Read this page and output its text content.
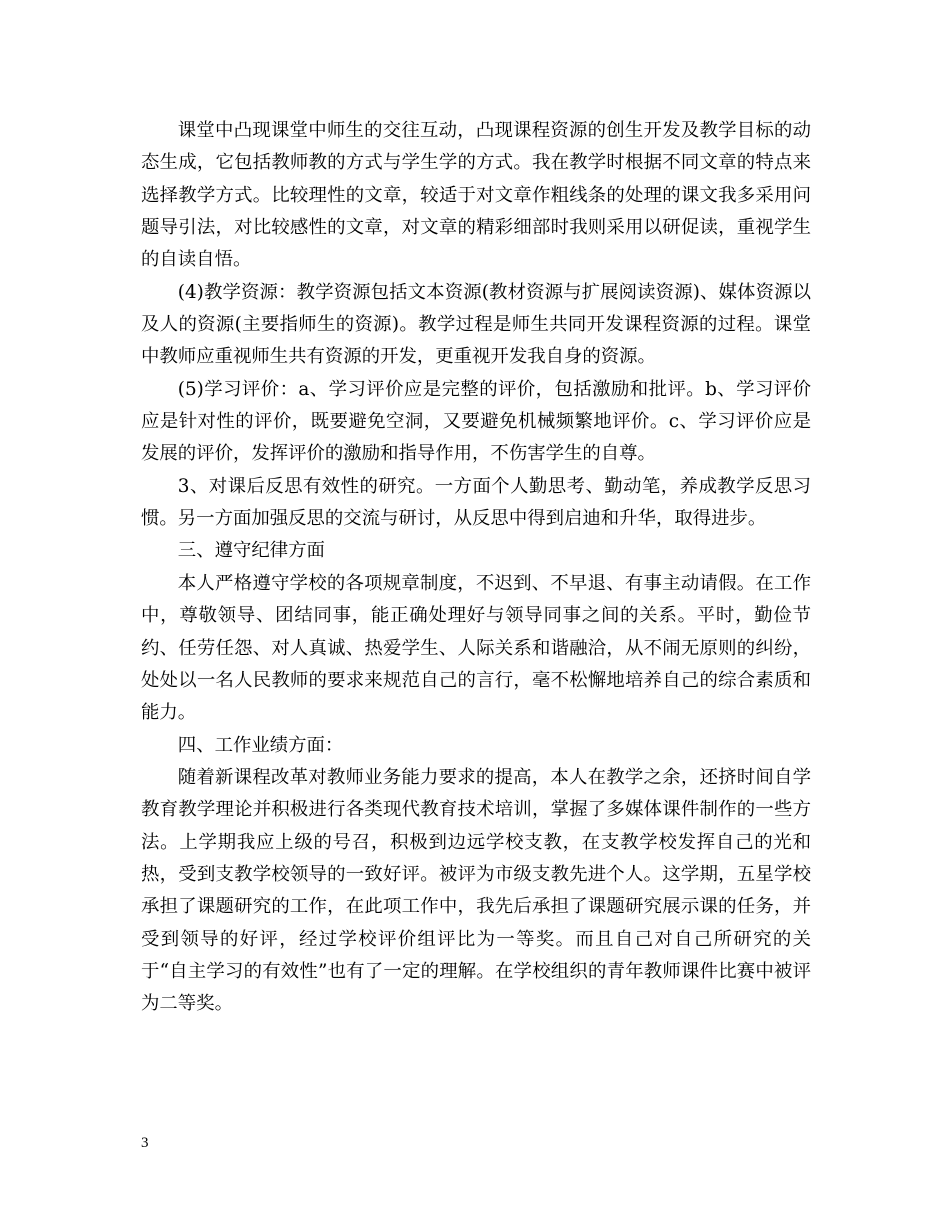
课堂中凸现课堂中师生的交往互动，凸现课程资源的创生开发及教学目标的动态生成，它包括教师教的方式与学生学的方式。我在教学时根据不同文章的特点来选择教学方式。比较理性的文章，较适于对文章作粗线条的处理的课文我多采用问题导引法，对比较感性的文章，对文章的精彩细部时我则采用以研促读，重视学生的自读自悟。

(4)教学资源：教学资源包括文本资源(教材资源与扩展阅读资源)、媒体资源以及人的资源(主要指师生的资源)。教学过程是师生共同开发课程资源的过程。课堂中教师应重视师生共有资源的开发，更重视开发我自身的资源。

(5)学习评价：a、学习评价应是完整的评价，包括激励和批评。b、学习评价应是针对性的评价，既要避免空洞，又要避免机械频繁地评价。c、学习评价应是发展的评价，发挥评价的激励和指导作用，不伤害学生的自尊。

3、对课后反思有效性的研究。一方面个人勤思考、勤动笔，养成教学反思习惯。另一方面加强反思的交流与研讨，从反思中得到启迪和升华，取得进步。

三、遵守纪律方面

本人严格遵守学校的各项规章制度，不迟到、不早退、有事主动请假。在工作中，尊敬领导、团结同事，能正确处理好与领导同事之间的关系。平时，勤俭节约、任劳任怨、对人真诚、热爱学生、人际关系和谐融洽，从不闹无原则的纠纷，处处以一名人民教师的要求来规范自己的言行，毫不松懈地培养自己的综合素质和能力。

四、工作业绩方面：

随着新课程改革对教师业务能力要求的提高，本人在教学之余，还挤时间自学教育教学理论并积极进行各类现代教育技术培训，掌握了多媒体课件制作的一些方法。上学期我应上级的号召，积极到边远学校支教，在支教学校发挥自己的光和热，受到支教学校领导的一致好评。被评为市级支教先进个人。这学期，五星学校承担了课题研究的工作，在此项工作中，我先后承担了课题研究展示课的任务，并受到领导的好评，经过学校评价组评比为一等奖。而且自己对自己所研究的关于“自主学习的有效性”也有了一定的理解。在学校组织的青年教师课件比赛中被评为二等奖。

3
